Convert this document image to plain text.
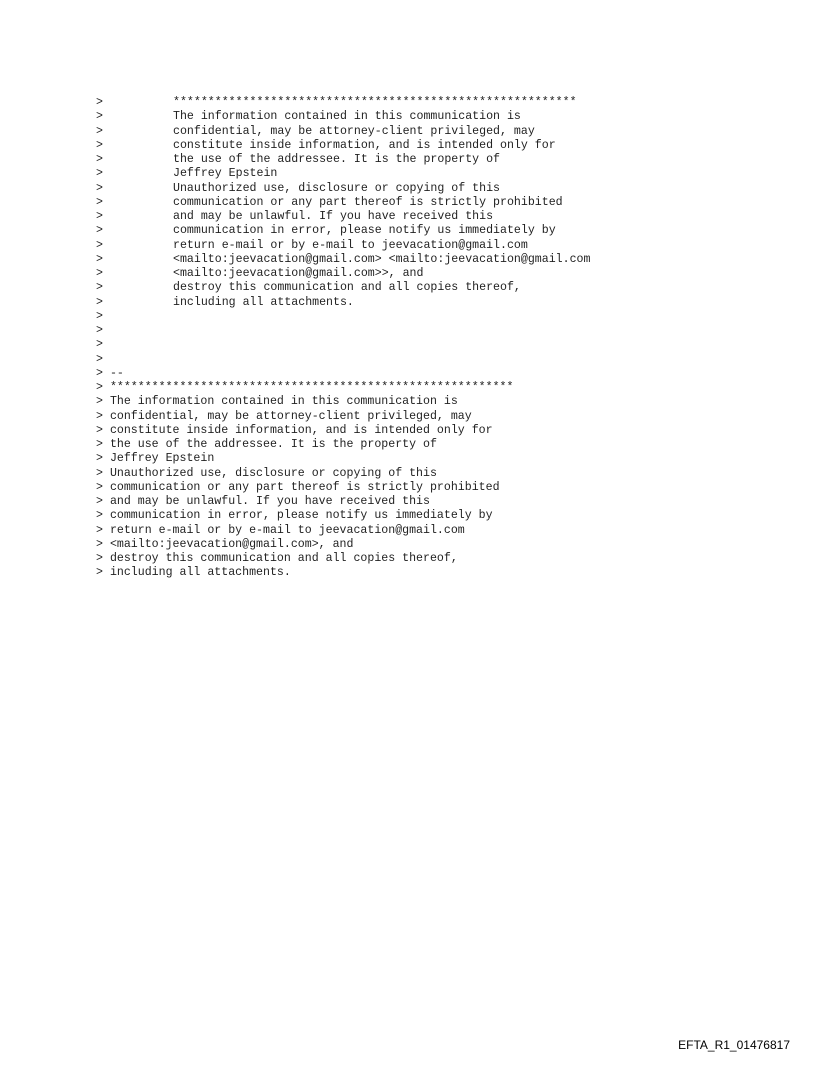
>	**********************************************************
>	The information contained in this communication is
>	confidential, may be attorney-client privileged, may
>	constitute inside information, and is intended only for
>	the use of the addressee. It is the property of
>	Jeffrey Epstein
>	Unauthorized use, disclosure or copying of this
>	communication or any part thereof is strictly prohibited
>	and may be unlawful. If you have received this
>	communication in error, please notify us immediately by
>	return e-mail or by e-mail to jeevacation@gmail.com
>	<mailto:jeevacation@gmail.com> <mailto:jeevacation@gmail.com
>	<mailto:jeevacation@gmail.com>>, and
>	destroy this communication and all copies thereof,
>	including all attachments.
>
>
>
>
> --
> **********************************************************
> The information contained in this communication is
> confidential, may be attorney-client privileged, may
> constitute inside information, and is intended only for
> the use of the addressee. It is the property of
> Jeffrey Epstein
> Unauthorized use, disclosure or copying of this
> communication or any part thereof is strictly prohibited
> and may be unlawful. If you have received this
> communication in error, please notify us immediately by
> return e-mail or by e-mail to jeevacation@gmail.com
> <mailto:jeevacation@gmail.com>, and
> destroy this communication and all copies thereof,
> including all attachments.
EFTA_R1_01476817
